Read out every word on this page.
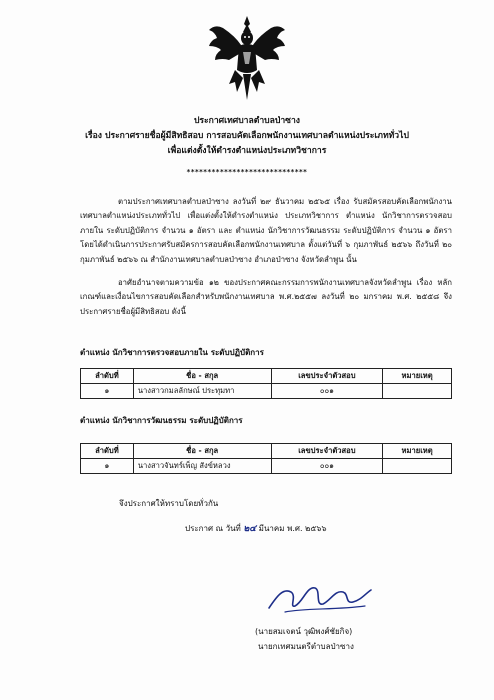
ประกาศเทศบาลตำบลป่าซาง
เรื่อง ประกาศรายชื่อผู้มีสิทธิสอบ การสอบคัดเลือกพนักงานเทศบาลตำแหน่งประเภททั่วไป
เพื่อแต่งตั้งให้ดำรงตำแหน่งประเภทวิชาการ
*****************************
ตามประกาศเทศบาลตำบลป่าซาง ลงวันที่ ๒๙ ธันวาคม ๒๕๖๕ เรื่อง รับสมัครสอบคัดเลือกพนักงานเทศบาลตำแหน่งประเภททั่วไป เพื่อแต่งตั้งให้ดำรงตำแหน่ง ประเภทวิชาการ ตำแหน่ง นักวิชาการตรวจสอบภายใน ระดับปฏิบัติการ จำนวน ๑ อัตรา และ ตำแหน่ง นักวิชาการวัฒนธรรม ระดับปฏิบัติการ จำนวน ๑ อัตรา โดยได้ดำเนินการประกาศรับสมัครการสอบคัดเลือกพนักงานเทศบาล ตั้งแต่วันที่ ๖ กุมภาพันธ์ ๒๕๖๖ ถึงวันที่ ๒๐ กุมภาพันธ์ ๒๕๖๖ ณ สำนักงานเทศบาลตำบลป่าซาง อำเภอป่าซาง จังหวัดลำพูน นั้น
อาศัยอำนาจตามความข้อ ๑๒ ของประกาศคณะกรรมการพนักงานเทศบาลจังหวัดลำพูน เรื่อง หลักเกณฑ์และเงื่อนไขการสอบคัดเลือกสำหรับพนักงานเทศบาล พ.ศ.๒๕๕๗ ลงวันที่ ๒๐ มกราคม พ.ศ. ๒๕๕๘ จึงประกาศรายชื่อผู้มีสิทธิสอบ ดังนี้
ตำแหน่ง นักวิชาการตรวจสอบภายใน ระดับปฏิบัติการ
ลำดับที่	ชื่อ - สกุล	เลขประจำตัวสอบ	หมายเหตุ
๑	นางสาวกมลลักษณ์ ประทุมทา	๐๐๑	
ตำแหน่ง นักวิชาการวัฒนธรรม ระดับปฏิบัติการ
ลำดับที่	ชื่อ - สกุล	เลขประจำตัวสอบ	หมายเหตุ
๑	นางสาวจันทร์เพ็ญ สังข์หลวง	๐๐๑	
จึงประกาศให้ทราบโดยทั่วกัน
ประกาศ ณ วันที่ ๒๔ มีนาคม พ.ศ. ๒๕๖๖
(นายสมเจตน์ วุฒิพงศ์ชัยกิจ)
นายกเทศมนตรีตำบลป่าซาง
